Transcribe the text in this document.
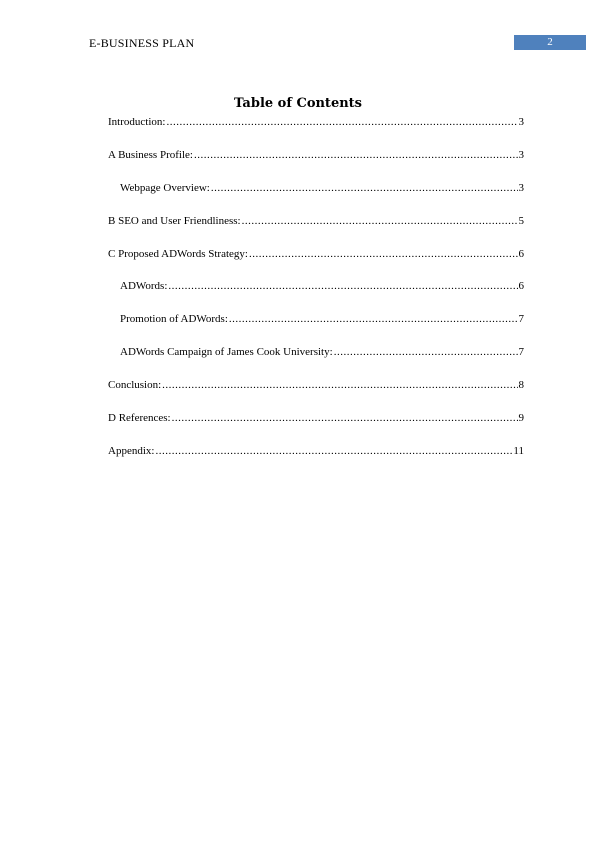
E-BUSINESS PLAN	2
Table of Contents
Introduction: .....	3
A Business Profile: .....	3
Webpage Overview: .....	3
B SEO and User Friendliness: .....	5
C Proposed ADWords Strategy: .....	6
ADWords: .....	6
Promotion of ADWords: .....	7
ADWords Campaign of James Cook University: .....	7
Conclusion: .....	8
D References: .....	9
Appendix: .....	11
